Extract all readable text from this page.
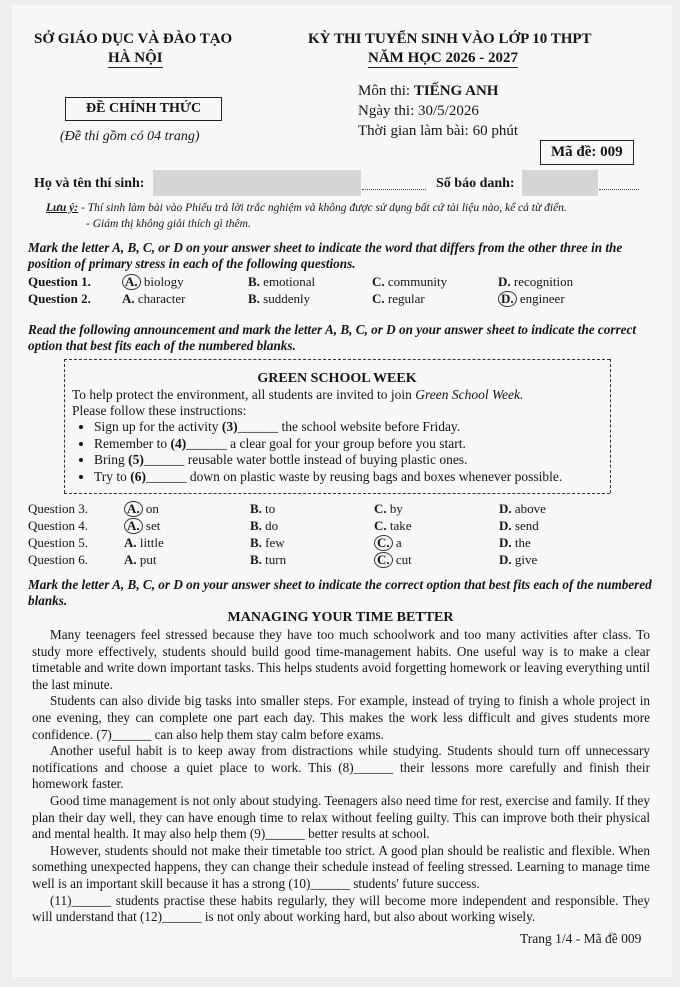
SỞ GIÁO DỤC VÀ ĐÀO TẠO
HÀ NỘI
KỲ THI TUYỂN SINH VÀO LỚP 10 THPT
NĂM HỌC 2026 - 2027
ĐỀ CHÍNH THỨC
(Đề thi gồm có 04 trang)
Môn thi: TIẾNG ANH
Ngày thi: 30/5/2026
Thời gian làm bài: 60 phút
Mã đề: 009
Họ và tên thí sinh:	Số báo danh:
Lưu ý: - Thí sinh làm bài vào Phiếu trả lời trắc nghiệm và không được sử dụng bất cứ tài liệu nào, kể cả từ điển.
- Giám thị không giải thích gì thêm.
Mark the letter A, B, C, or D on your answer sheet to indicate the word that differs from the other three in the position of primary stress in each of the following questions.
Question 1.	A. biology	B. emotional	C. community	D. recognition
Question 2. A. character	B. suddenly	C. regular	D. engineer
Read the following announcement and mark the letter A, B, C, or D on your answer sheet to indicate the correct option that best fits each of the numbered blanks.
GREEN SCHOOL WEEK
To help protect the environment, all students are invited to join Green School Week.
Please follow these instructions:
• Sign up for the activity (3)______ the school website before Friday.
• Remember to (4)______ a clear goal for your group before you start.
• Bring (5)______ reusable water bottle instead of buying plastic ones.
• Try to (6)______ down on plastic waste by reusing bags and boxes whenever possible.
Question 3.	A. on	B. to	C. by	D. above
Question 4.	A. set	B. do	C. take	D. send
Question 5.	A. little	B. few	C. a	D. the
Question 6.	A. put	B. turn	C. cut	D. give
Mark the letter A, B, C, or D on your answer sheet to indicate the correct option that best fits each of the numbered blanks.
MANAGING YOUR TIME BETTER

Many teenagers feel stressed because they have too much schoolwork and too many activities after class. To study more effectively, students should build good time-management habits. One useful way is to make a clear timetable and write down important tasks. This helps students avoid forgetting homework or leaving everything until the last minute.

Students can also divide big tasks into smaller steps. For example, instead of trying to finish a whole project in one evening, they can complete one part each day. This makes the work less difficult and gives students more confidence. (7)______ can also help them stay calm before exams.

Another useful habit is to keep away from distractions while studying. Students should turn off unnecessary notifications and choose a quiet place to work. This (8)______ their lessons more carefully and finish their homework faster.

Good time management is not only about studying. Teenagers also need time for rest, exercise and family. If they plan their day well, they can have enough time to relax without feeling guilty. This can improve both their physical and mental health. It may also help them (9)______ better results at school.

However, students should not make their timetable too strict. A good plan should be realistic and flexible. When something unexpected happens, they can change their schedule instead of feeling stressed. Learning to manage time well is an important skill because it has a strong (10)______ students' future success.

(11)______ students practise these habits regularly, they will become more independent and responsible. They will understand that (12)______ is not only about working hard, but also about working wisely.

Trang 1/4 - Mã đề 009
